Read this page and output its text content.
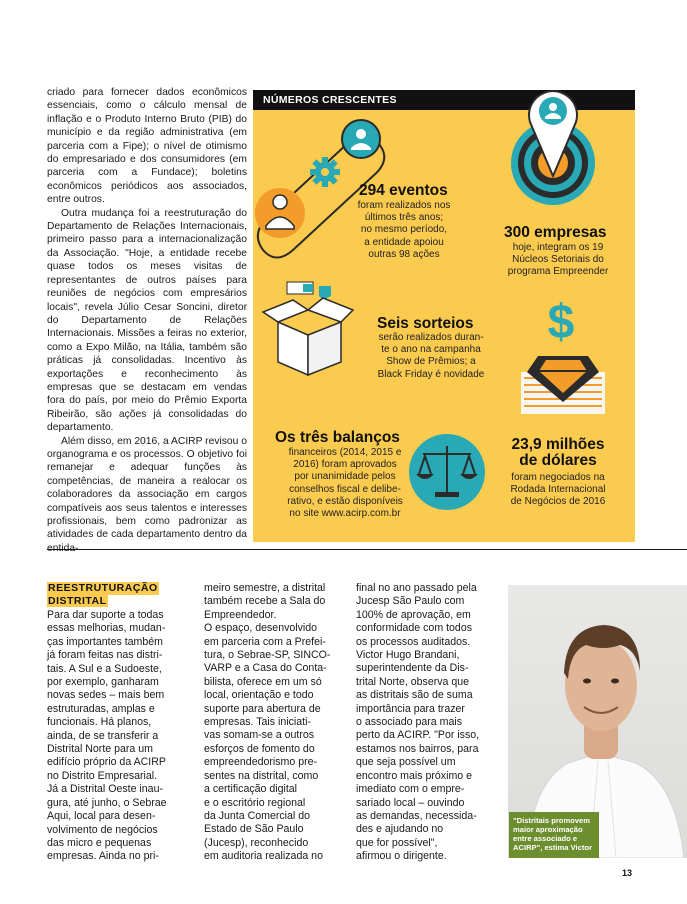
criado para fornecer dados econômicos essenciais, como o cálculo mensal de inflação e o Produto Interno Bruto (PIB) do município e da região administrativa (em parceria com a Fipe); o nível de otimismo do empresariado e dos consumidores (em parceria com a Fundace); boletins econômicos periódicos aos associados, entre outros.

Outra mudança foi a reestruturação do Departamento de Relações Internacionais, primeiro passo para a internacionalização da Associação. "Hoje, a entidade recebe quase todos os meses visitas de representantes de outros países para reuniões de negócios com empresários locais", revela Júlio Cesar Soncini, diretor do Departamento de Relações Internacionais. Missões a feiras no exterior, como a Expo Milão, na Itália, também são práticas já consolidadas. Incentivo às exportações e reconhecimento às empresas que se destacam em vendas fora do país, por meio do Prêmio Exporta Ribeirão, são ações já consolidadas do departamento.

Além disso, em 2016, a ACIRP revisou o organograma e os processos. O objetivo foi remanejar e adequar funções às competências, de maneira a realocar os colaboradores da associação em cargos compatíveis aos seus talentos e interesses profissionais, bem como padronizar as atividades de cada departamento dentro da

NÚMEROS CRESCENTES
$
294 eventos
foram realizados nos
últimos três anos;
no mesmo período,
a entidade apoiou
outras 98 ações
300 empresas
hoje, integram os 19
Núcleos Setoriais do
programa Empreender
Seis sorteios
serão realizados duran-
te o ano na campanha
Show de Prêmios; a
Black Friday é novidade
Os três balanços
financeiros (2014, 2015 e
2016) foram aprovados
por unanimidade pelos
conselhos fiscal e delibe-
rativo, e estão disponíveis
no site www.acirp.com.br
23,9 milhões
de dólares
foram negociados na
Rodada Internacional
de Negócios de 2016
REESTRUTURAÇÃO
DISTRITAL
Para dar suporte a todas
essas melhorias, mudan-
ças importantes também
já foram feitas nas distri-
tais. A Sul e a Sudoeste,
por exemplo, ganharam
novas sedes – mais bem
estruturadas, amplas e
funcionais. Há planos,
ainda, de se transferir a
Distrital Norte para um
edifício próprio da ACIRP
no Distrito Empresarial.
Já a Distrital Oeste inau-
gura, até junho, o Sebrae
Aqui, local para desen-
volvimento de negócios
das micro e pequenas
empresas. Ainda no pri-
meiro semestre, a distrital
também recebe a Sala do
Empreendedor.
O espaço, desenvolvido
em parceria com a Prefei-
tura, o Sebrae-SP, SINCO-
VARP e a Casa do Conta-
bilista, oferece em um só
local, orientação e todo
suporte para abertura de
empresas. Tais iniciati-
vas somam-se a outros
esforços de fomento do
empreendedorismo pre-
sentes na distrital, como
a certificação digital
e o escritório regional
da Junta Comercial do
Estado de São Paulo
(Jucesp), reconhecido
em auditoria realizada no
final no ano passado pela
Jucesp São Paulo com
100% de aprovação, em
conformidade com todos
os processos auditados.
Victor Hugo Brandani,
superintendente da Dis-
trital Norte, observa que
as distritais são de suma
importância para trazer
o associado para mais
perto da ACIRP. "Por isso,
estamos nos bairros, para
que seja possível um
encontro mais próximo e
imediato com o empre-
sariado local – ouvindo
as demandas, necessida-
des e ajudando no
que for possível",
afirmou o dirigente.
"Distritais promovem
maior aproximação
entre associado e
ACIRP", estima Victor
13
